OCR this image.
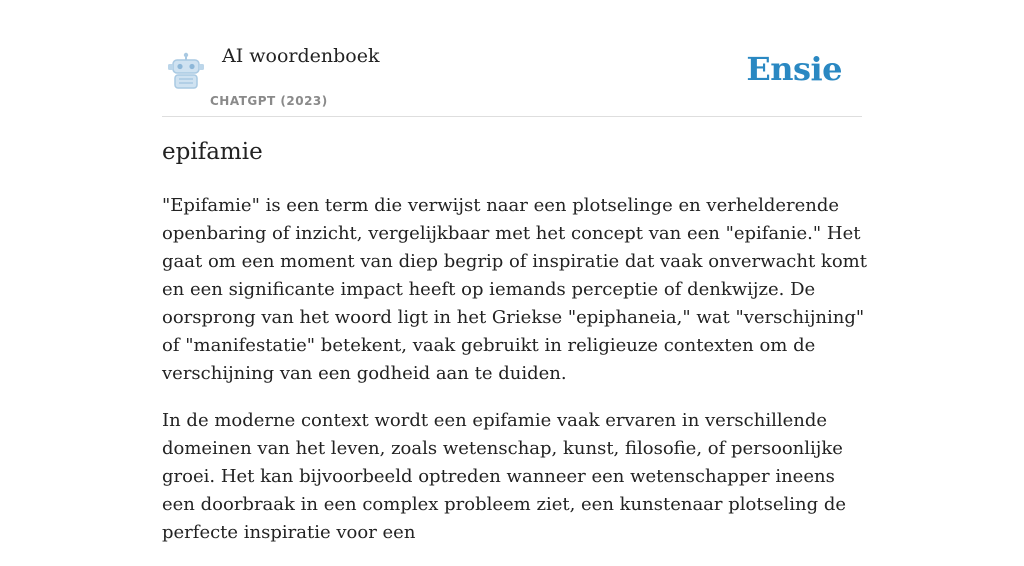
AI woordenboek
CHATGPT (2023)
Ensie
epifamie

"Epifamie" is een term die verwijst naar een plotselinge en verhelderende openbaring of inzicht, vergelijkbaar met het concept van een "epifanie." Het gaat om een moment van diep begrip of inspiratie dat vaak onverwacht komt en een significante impact heeft op iemands perceptie of denkwijze. De oorsprong van het woord ligt in het Griekse "epiphaneia," wat "verschijning" of "manifestatie" betekent, vaak gebruikt in religieuze contexten om de verschijning van een godheid aan te duiden.

In de moderne context wordt een epifamie vaak ervaren in verschillende domeinen van het leven, zoals wetenschap, kunst, filosofie, of persoonlijke groei. Het kan bijvoorbeeld optreden wanneer een wetenschapper ineens een doorbraak in een complex probleem ziet, een kunstenaar plotseling de perfecte inspiratie voor een
